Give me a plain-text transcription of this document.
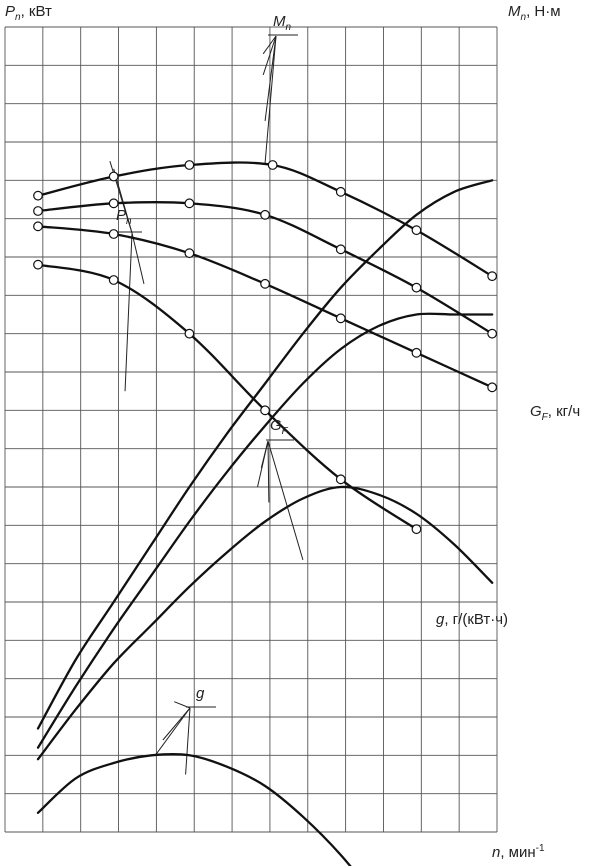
$P_n$, кВт	$M_n$, Н·м
$G_F$, кг/ч
g, г/(кВт·ч)
n, мин$^{-1}$
$M_n$
$P_n$
$G_F$
g
